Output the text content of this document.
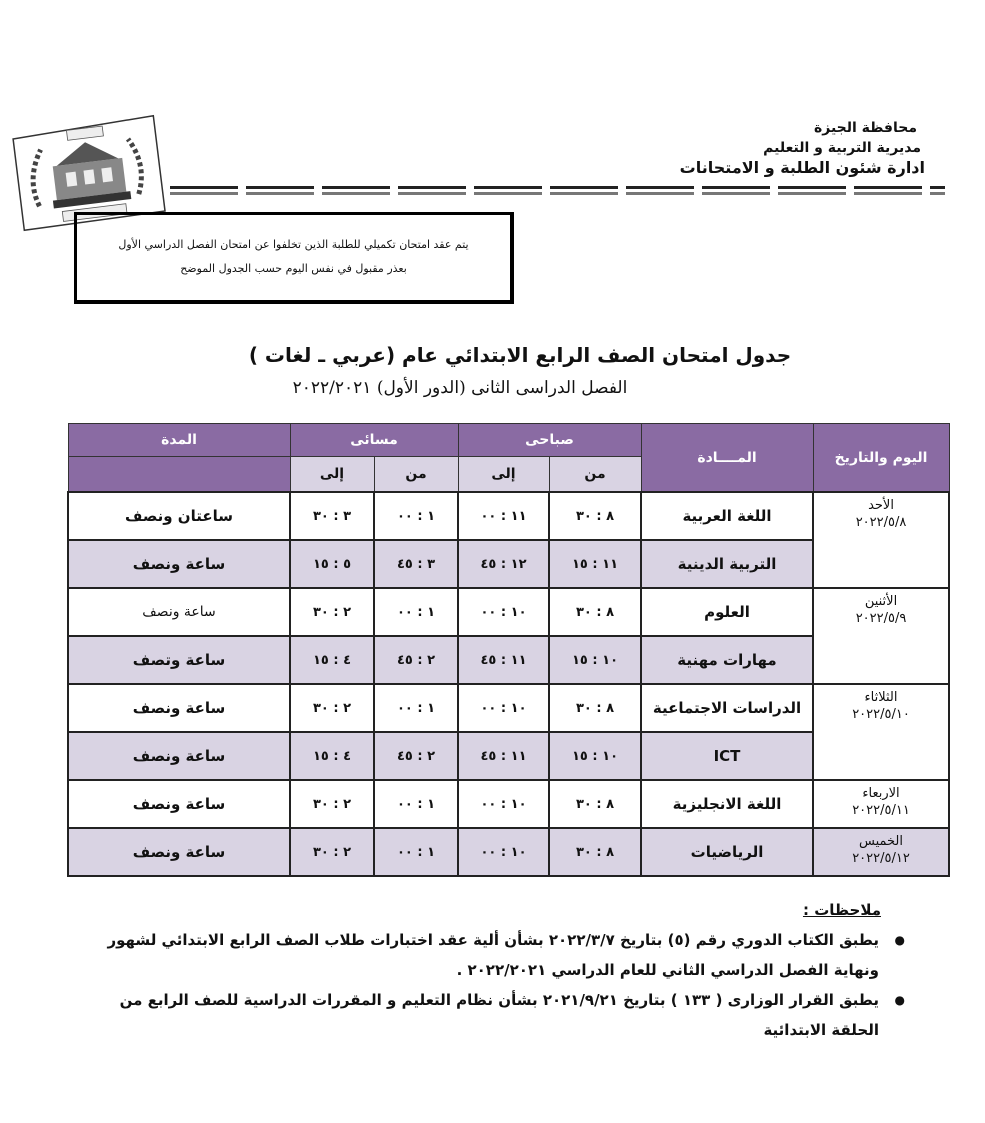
محافظة الجيزة
مديرية التربية و التعليم
ادارة شئون الطلبة و الامتحانات
يتم عقد امتحان تكميلي للطلبة الذين تخلفوا عن امتحان الفصل الدراسي الأول
بعذر مقبول في نفس اليوم حسب الجدول الموضح
جدول امتحان الصف الرابع الابتدائي عام (عربي ـ لغات )
الفصل الدراسى الثانى (الدور الأول) ٢٠٢٢/٢٠٢١
اليوم والتاريخ	المــــادة	صباحى		مسائى		المدة
		من	إلى	من	إلى	

الأحد
٢٠٢٢/٥/٨	اللغة العربية	٨ : ٣٠	١١ : ٠٠	١ : ٠٠	٣ : ٣٠	ساعتان ونصف
	التربية الدينية	١١ : ١٥	١٢ : ٤٥	٣ : ٤٥	٥ : ١٥	ساعة ونصف

الأثنين
٢٠٢٢/٥/٩	العلوم	٨ : ٣٠	١٠ : ٠٠	١ : ٠٠	٢ : ٣٠	ساعة ونصف
	مهارات مهنية	١٠ : ١٥	١١ : ٤٥	٢ : ٤٥	٤ : ١٥	ساعة وتصف

الثلاثاء
٢٠٢٢/٥/١٠	الدراسات الاجتماعية	٨ : ٣٠	١٠ : ٠٠	١ : ٠٠	٢ : ٣٠	ساعة ونصف
	ICT	١٠ : ١٥	١١ : ٤٥	٢ : ٤٥	٤ : ١٥	ساعة ونصف

الاربعاء
٢٠٢٢/٥/١١	اللغة الانجليزية	٨ : ٣٠	١٠ : ٠٠	١ : ٠٠	٢ : ٣٠	ساعة ونصف

الخميس
٢٠٢٢/٥/١٢	الرياضيات	٨ : ٣٠	١٠ : ٠٠	١ : ٠٠	٢ : ٣٠	ساعة ونصف
ملاحظات :
●
يطبق الكتاب الدوري رقم (٥) بتاريخ ٢٠٢٢/٣/٧ بشأن ألية عقد اختبارات طلاب الصف الرابع الابتدائي لشهور ونهاية الفصل الدراسي الثاني للعام الدراسي ٢٠٢٢/٢٠٢١ .
●
يطبق القرار الوزارى ( ١٣٣ ) بتاريخ ٢٠٢١/٩/٢١ بشأن نظام التعليم و المقررات الدراسية للصف الرابع من الحلقة الابتدائية
